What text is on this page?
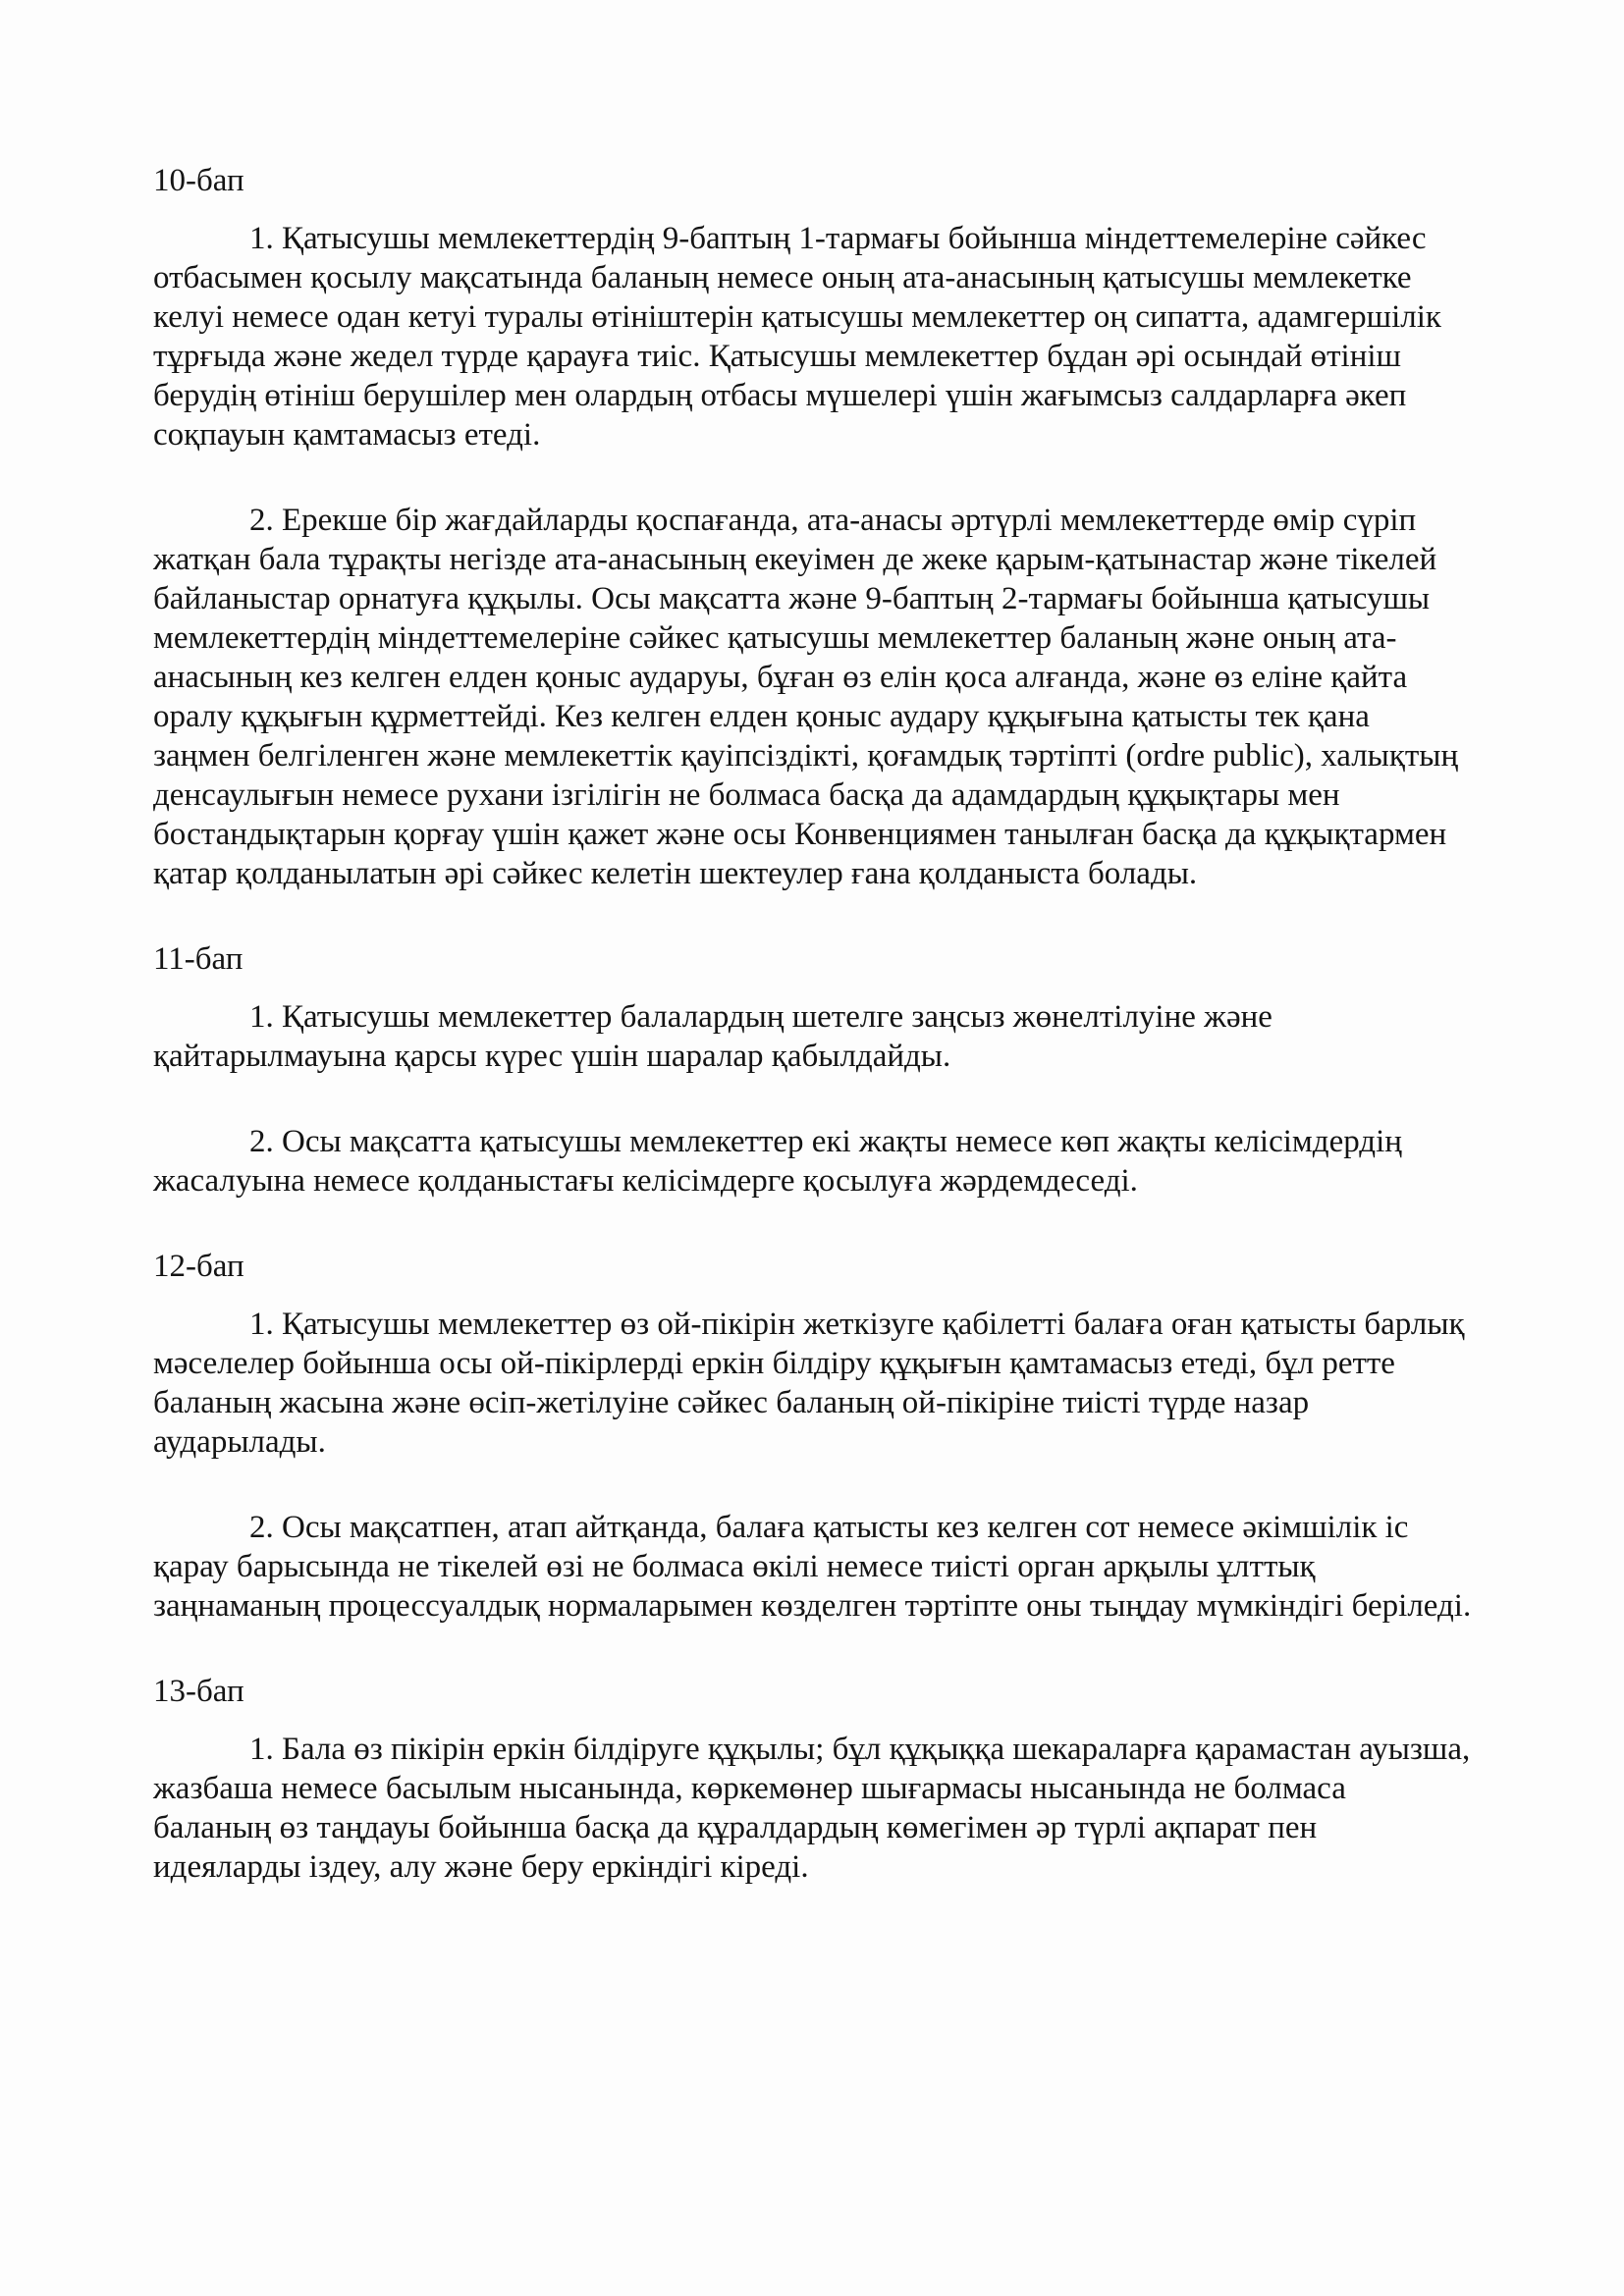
10-бап

1. Қатысушы мемлекеттердің 9-баптың 1-тармағы бойынша міндеттемелеріне сәйкес отбасымен қосылу мақсатында баланың немесе оның ата-анасының қатысушы мемлекетке келуі немесе одан кетуі туралы өтініштерін қатысушы мемлекеттер оң сипатта, адамгершілік тұрғыда және жедел түрде қарауға тиіс. Қатысушы мемлекеттер бұдан әрі осындай өтініш берудің өтініш берушілер мен олардың отбасы мүшелері үшін жағымсыз салдарларға әкеп соқпауын қамтамасыз етеді.

2. Ерекше бір жағдайларды қоспағанда, ата-анасы әртүрлі мемлекеттерде өмір сүріп жатқан бала тұрақты негізде ата-анасының екеуімен де жеке қарым-қатынастар және тікелей байланыстар орнатуға құқылы. Осы мақсатта және 9-баптың 2-тармағы бойынша қатысушы мемлекеттердің міндеттемелеріне сәйкес қатысушы мемлекеттер баланың және оның ата-анасының кез келген елден қоныс аударуы, бұған өз елін қоса алғанда, және өз еліне қайта оралу құқығын құрметтейді. Кез келген елден қоныс аудару құқығына қатысты тек қана заңмен белгіленген және мемлекеттік қауіпсіздікті, қоғамдық тәртіпті (ordre public), халықтың денсаулығын немесе рухани ізгілігін не болмаса басқа да адамдардың құқықтары мен бостандықтарын қорғау үшін қажет және осы Конвенциямен танылған басқа да құқықтармен қатар қолданылатын әрі сәйкес келетін шектеулер ғана қолданыста болады.

11-бап

1. Қатысушы мемлекеттер балалардың шетелге заңсыз жөнелтілуіне және қайтарылмауына қарсы күрес үшін шаралар қабылдайды.

2. Осы мақсатта қатысушы мемлекеттер екі жақты немесе көп жақты келісімдердің жасалуына немесе қолданыстағы келісімдерге қосылуға жәрдемдеседі.

12-бап

1. Қатысушы мемлекеттер өз ой-пікірін жеткізуге қабілетті балаға оған қатысты барлық мәселелер бойынша осы ой-пікірлерді еркін білдіру құқығын қамтамасыз етеді, бұл ретте баланың жасына және өсіп-жетілуіне сәйкес баланың ой-пікіріне тиісті түрде назар аударылады.

2. Осы мақсатпен, атап айтқанда, балаға қатысты кез келген сот немесе әкімшілік іс қарау барысында не тікелей өзі не болмаса өкілі немесе тиісті орган арқылы ұлттық заңнаманың процессуалдық нормаларымен көзделген тәртіпте оны тыңдау мүмкіндігі беріледі.

13-бап

1. Бала өз пікірін еркін білдіруге құқылы; бұл құқыққа шекараларға қарамастан ауызша, жазбаша немесе басылым нысанында, көркемөнер шығармасы нысанында не болмаса баланың өз таңдауы бойынша басқа да құралдардың көмегімен әр түрлі ақпарат пен идеяларды іздеу, алу және беру еркіндігі кіреді.
